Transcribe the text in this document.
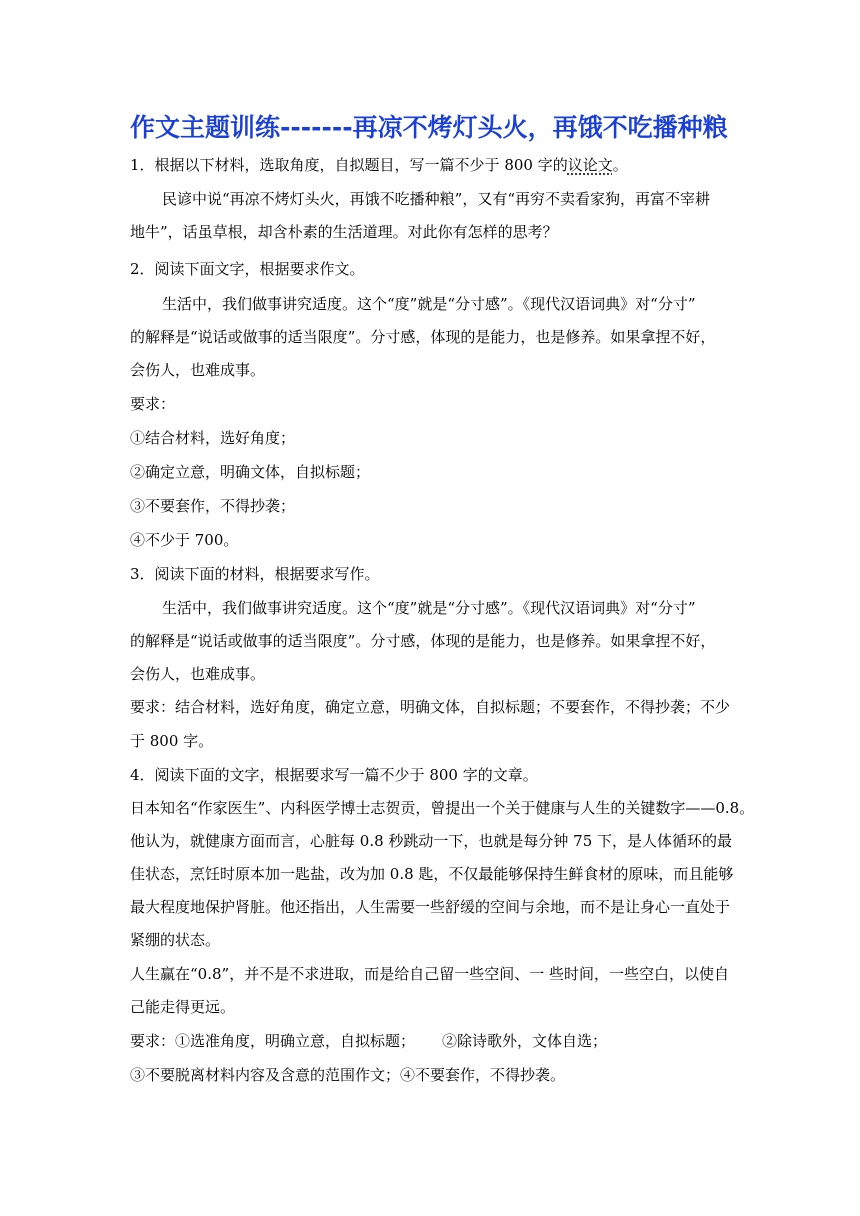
作文主题训练-------再凉不烤灯头火，再饿不吃播种粮
1．根据以下材料，选取角度，自拟题目，写一篇不少于 800 字的议论文。
民谚中说“再凉不烤灯头火，再饿不吃播种粮”，又有“再穷不卖看家狗，再富不宰耕
地牛”，话虽草根，却含朴素的生活道理。对此你有怎样的思考？
2．阅读下面文字，根据要求作文。
生活中，我们做事讲究适度。这个“度”就是“分寸感”。《现代汉语词典》对“分寸”
的解释是“说话或做事的适当限度”。分寸感，体现的是能力，也是修养。如果拿捏不好，
会伤人，也难成事。
要求：
①结合材料，选好角度；
②确定立意，明确文体，自拟标题；
③不要套作，不得抄袭；
④不少于 700。
3．阅读下面的材料，根据要求写作。
生活中，我们做事讲究适度。这个“度”就是“分寸感”。《现代汉语词典》对“分寸”
的解释是“说话或做事的适当限度”。分寸感，体现的是能力，也是修养。如果拿捏不好，
会伤人，也难成事。
要求：结合材料，选好角度，确定立意，明确文体，自拟标题；不要套作，不得抄袭；不少
于 800 字。
4．阅读下面的文字，根据要求写一篇不少于 800 字的文章。
日本知名“作家医生”、内科医学博士志贺贡，曾提出一个关于健康与人生的关键数字——0.8。
他认为，就健康方面而言，心脏每 0.8 秒跳动一下，也就是每分钟 75 下，是人体循环的最
佳状态，烹饪时原本加一匙盐，改为加 0.8 匙，不仅最能够保持生鲜食材的原味，而且能够
最大程度地保护肾脏。他还指出，人生需要一些舒缓的空间与余地，而不是让身心一直处于
紧绷的状态。
人生赢在“0.8”，并不是不求进取，而是给自己留一些空间、一 些时间，一些空白，以使自
己能走得更远。
要求：①选准角度，明确立意，自拟标题； ②除诗歌外，文体自选；
③不要脱离材料内容及含意的范围作文；④不要套作，不得抄袭。
